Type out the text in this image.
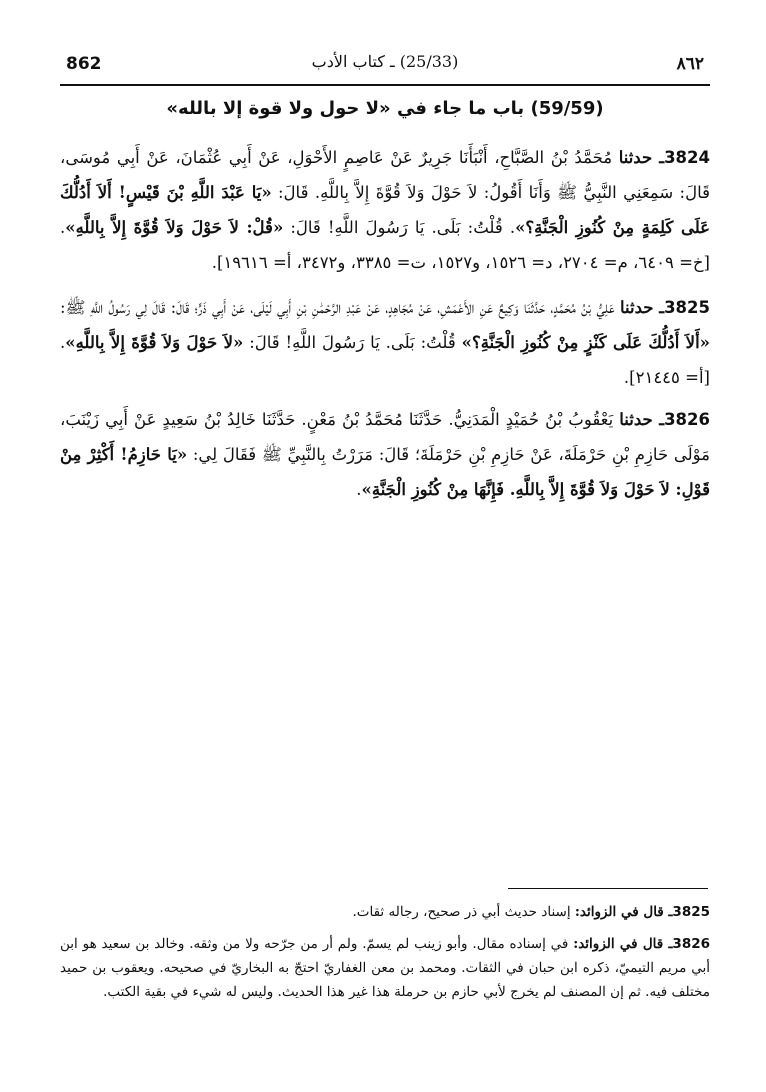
862	(25/33) ـ كتاب الأدب	٨٦٢
(59/59) باب ما جاء في «لا حول ولا قوة إلا بالله»
3824ـ حدثنا مُحَمَّدُ بْنُ الصَّبَّاحِ، أَنْبَأَنَا جَرِيرٌ عَنْ عَاصِمٍ الأَحْوَلِ، عَنْ أَبِي عُثْمَانَ، عَنْ أَبِي مُوسَى، قَالَ: سَمِعَنِي النَّبِيُّ ﷺ وَأَنَا أَقُولُ: لاَ حَوْلَ وَلاَ قُوَّةَ إِلاَّ بِاللَّهِ. قَالَ: «يَا عَبْدَ اللَّهِ بْنَ قَيْسٍ! أَلاَ أَدُلُّكَ عَلَى كَلِمَةٍ مِنْ كُنُوزِ الْجَنَّةِ؟». قُلْتُ: بَلَى. يَا رَسُولَ اللَّهِ! قَالَ: «قُلْ: لاَ حَوْلَ وَلاَ قُوَّةَ إِلاَّ بِاللَّهِ». [خ= ٦٤٠٩، م= ٢٧٠٤، د= ١٥٢٦، و١٥٢٧، ت= ٣٣٨٥، و٣٤٧٢، أ= ١٩٦١٦].
3825ـ حدثنا عَلِيُّ بْنُ مُحَمَّدٍ، حَدَّثَنَا وَكِيعٌ عَنِ الأَعْمَشِ، عَنْ مُجَاهِدٍ، عَنْ عَبْدِ الرَّحْمَٰنِ بْنِ أَبِي لَيْلَى، عَنْ أَبِي ذَرٍّ؛ قَالَ: قَالَ لِي رَسُولُ اللَّهِ ﷺ: «أَلاَ أَدُلُّكَ عَلَى كَنْزٍ مِنْ كُنُوزِ الْجَنَّةِ؟» قُلْتُ: بَلَى. يَا رَسُولَ اللَّهِ! قَالَ: «لاَ حَوْلَ وَلاَ قُوَّةَ إِلاَّ بِاللَّهِ». [أ= ٢١٤٤٥].
3826ـ حدثنا يَعْقُوبُ بْنُ حُمَيْدٍ الْمَدَنِيُّ. حَدَّثَنَا مُحَمَّدُ بْنُ مَعْنٍ. حَدَّثَنَا خَالِدُ بْنُ سَعِيدٍ عَنْ أَبِي زَيْنَبَ، مَوْلَى حَازِمِ بْنِ حَرْمَلَةَ، عَنْ حَازِمِ بْنِ حَرْمَلَةَ؛ قَالَ: مَرَرْتُ بِالنَّبِيِّ ﷺ فَقَالَ لِي: «يَا حَازِمُ! أَكْثِرْ مِنْ قَوْلِ: لاَ حَوْلَ وَلاَ قُوَّةَ إِلاَّ بِاللَّهِ. فَإِنَّهَا مِنْ كُنُوزِ الْجَنَّةِ».
3825ـ قال في الزوائد: إسناد حديث أبي ذر صحيح، رجاله ثقات.
3826ـ قال في الزوائد: في إسناده مقال. وأبو زينب لم يسمّ. ولم أر من جرّحه ولا من وثقه. وخالد بن سعيد هو ابن أبي مريم التيميّ، ذكره ابن حبان في الثقات. ومحمد بن معن الغفاريّ احتجّ به البخاريّ في صحيحه. ويعقوب بن حميد مختلف فيه. ثم إن المصنف لم يخرج لأبي حازم بن حرملة هذا غير هذا الحديث. وليس له شيء في بقية الكتب.
